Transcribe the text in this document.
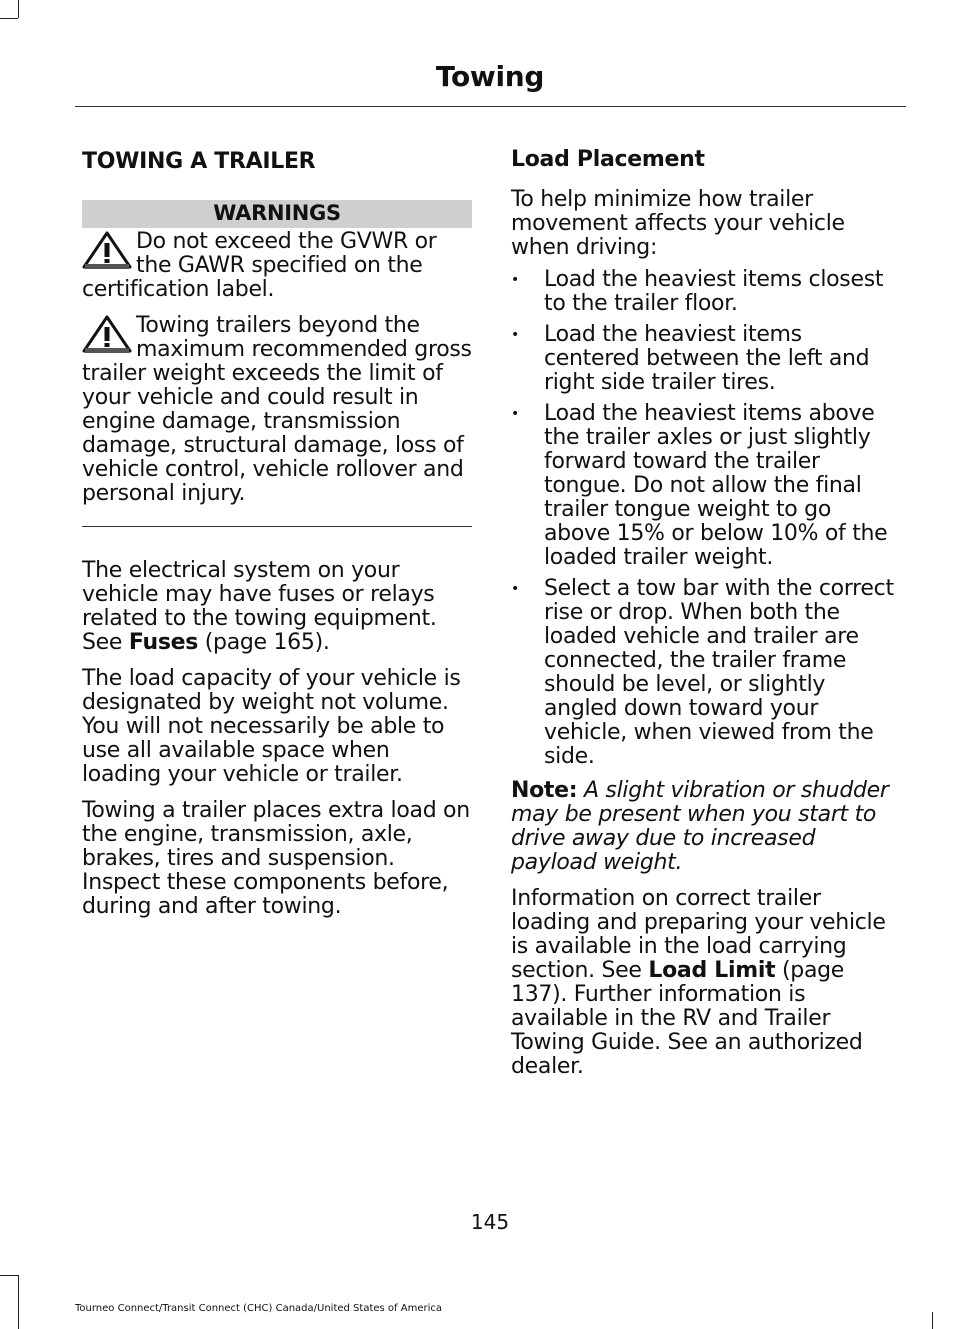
Towing
TOWING A TRAILER
WARNINGS
Do not exceed the GVWR or the GAWR specified on the certification label.
Towing trailers beyond the maximum recommended gross trailer weight exceeds the limit of your vehicle and could result in engine damage, transmission damage, structural damage, loss of vehicle control, vehicle rollover and personal injury.

The electrical system on your vehicle may have fuses or relays related to the towing equipment. See Fuses (page 165).

The load capacity of your vehicle is designated by weight not volume. You will not necessarily be able to use all available space when loading your vehicle or trailer.

Towing a trailer places extra load on the engine, transmission, axle, brakes, tires and suspension. Inspect these components before, during and after towing.

Load Placement

To help minimize how trailer movement affects your vehicle when driving:

• Load the heaviest items closest to the trailer floor.
• Load the heaviest items centered between the left and right side trailer tires.
• Load the heaviest items above the trailer axles or just slightly forward toward the trailer tongue. Do not allow the final trailer tongue weight to go above 15% or below 10% of the loaded trailer weight.
• Select a tow bar with the correct rise or drop. When both the loaded vehicle and trailer are connected, the trailer frame should be level, or slightly angled down toward your vehicle, when viewed from the side.

Note: A slight vibration or shudder may be present when you start to drive away due to increased payload weight.

Information on correct trailer loading and preparing your vehicle is available in the load carrying section. See Load Limit (page 137). Further information is available in the RV and Trailer Towing Guide. See an authorized dealer.

145
Tourneo Connect/Transit Connect (CHC) Canada/United States of America
